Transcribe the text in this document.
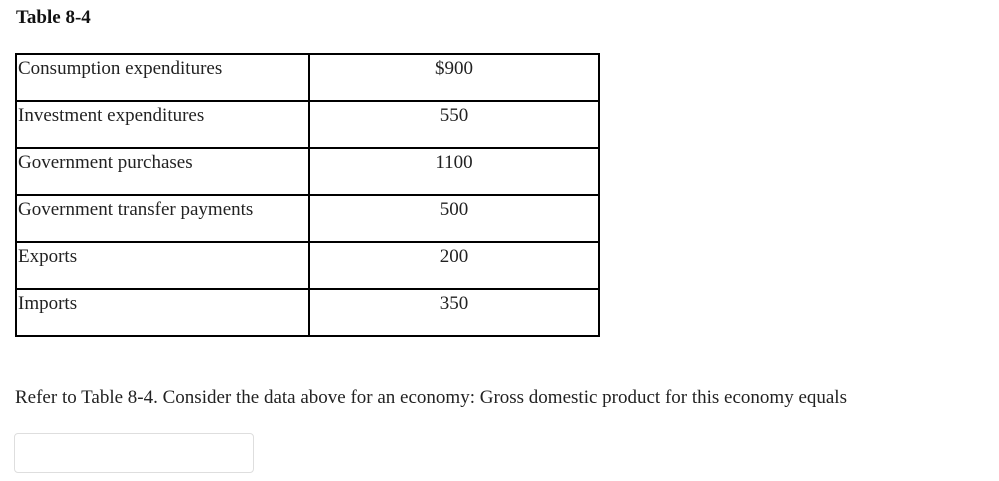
Table 8-4
Consumption expenditures	$900
Investment expenditures	550
Government purchases	1100
Government transfer payments	500
Exports	200
Imports	350
Refer to Table 8-4. Consider the data above for an economy: Gross domestic product for this economy equals
